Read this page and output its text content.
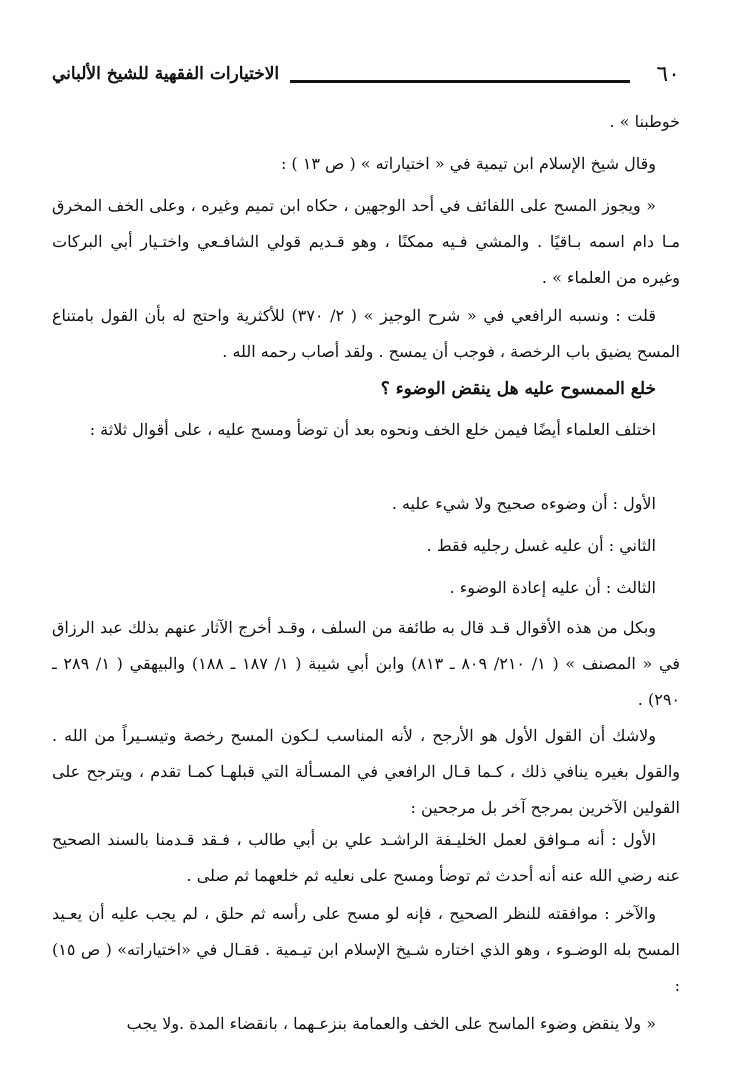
الاختيارات الفقهية للشيخ الألباني	٦٠
خوطبنا » .
وقال شيخ الإسلام ابن تيمية في « اختياراته » ( ص ١٣ ) :
« ويجوز المسح على اللفائف في أحد الوجهين ، حكاه ابن تميم وغيره ، وعلى الخف المخرق مـا دام اسمه بـاقيًا . والمشي فـيه ممكنًا ، وهو قـديم قولي الشافـعي واختـيار أبي البركات وغيره من العلماء » .
قلت : ونسبه الرافعي في « شرح الوجيز » ( ٢/ ٣٧٠) للأكثرية واحتج له بأن القول بامتناع المسح يضيق باب الرخصة ، فوجب أن يمسح . ولقد أصاب رحمه الله .
خلع الممسوح عليه هل ينقض الوضوء ؟
اختلف العلماء أيضًا فيمن خلع الخف ونحوه بعد أن توضأ ومسح عليه ، على أقوال ثلاثة :
الأول : أن وضوءه صحيح ولا شيء عليه .
الثاني : أن عليه غسل رجليه فقط .
الثالث : أن عليه إعادة الوضوء .
وبكل من هذه الأقوال قـد قال به طائفة من السلف ، وقـد أخرج الآثار عنهم بذلك عبد الرزاق في « المصنف » ( ١/ ٢١٠/ ٨٠٩ ـ ٨١٣) وابن أبي شيبة ( ١/ ١٨٧ ـ ١٨٨) والبيهقي ( ١/ ٢٨٩ ـ ٢٩٠) .
ولاشك أن القول الأول هو الأرجح ، لأنه المناسب لـكون المسح رخصة وتيسـيراً من الله . والقول بغيره ينافي ذلك ، كـما قـال الرافعي في المسـألة التي قبلهـا كمـا تقدم ، ويترجح على القولين الآخرين بمرجح آخر بل مرجحين :
الأول : أنه مـوافق لعمل الخليـفة الراشـد علي بن أبي طالب ، فـقد قـدمنا بالسند الصحيح عنه رضي الله عنه أنه أحدث ثم توضأ ومسح على نعليه ثم خلعهما ثم صلى .
والآخر : موافقته للنظر الصحيح ، فإنه لو مسح على رأسه ثم حلق ، لم يجب عليه أن يعـيد المسح بله الوضـوء ، وهو الذي اختاره شـيخ الإسلام ابن تيـمية . فقـال في «اختياراته» ( ص ١٥) :
« ولا ينقض وضوء الماسح على الخف والعمامة بنزعـهما ، بانقضاء المدة .ولا يجب
